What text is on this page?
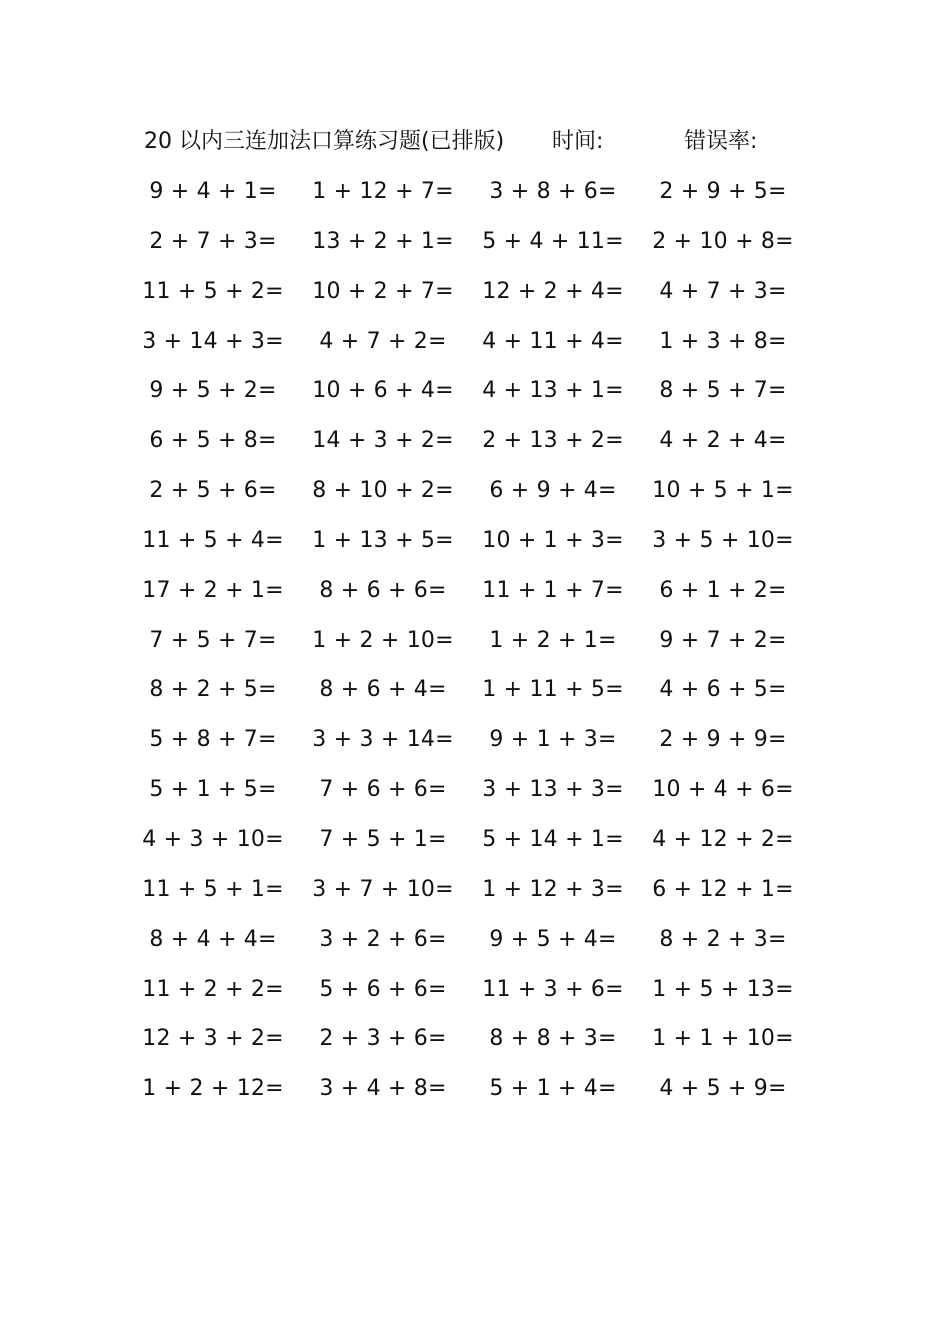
20 以内三连加法口算练习题(已排版) 时间:	错误率:
9 + 4 + 1=	1 + 12 + 7=	3 + 8 + 6=	2 + 9 + 5=
2 + 7 + 3=	13 + 2 + 1=	5 + 4 + 11=	2 + 10 + 8=
11 + 5 + 2=	10 + 2 + 7=	12 + 2 + 4=	4 + 7 + 3=
3 + 14 + 3=	4 + 7 + 2=	4 + 11 + 4=	1 + 3 + 8=
9 + 5 + 2=	10 + 6 + 4=	4 + 13 + 1=	8 + 5 + 7=
6 + 5 + 8=	14 + 3 + 2=	2 + 13 + 2=	4 + 2 + 4=
2 + 5 + 6=	8 + 10 + 2=	6 + 9 + 4=	10 + 5 + 1=
11 + 5 + 4=	1 + 13 + 5=	10 + 1 + 3=	3 + 5 + 10=
17 + 2 + 1=	8 + 6 + 6=	11 + 1 + 7=	6 + 1 + 2=
7 + 5 + 7=	1 + 2 + 10=	1 + 2 + 1=	9 + 7 + 2=
8 + 2 + 5=	8 + 6 + 4=	1 + 11 + 5=	4 + 6 + 5=
5 + 8 + 7=	3 + 3 + 14=	9 + 1 + 3=	2 + 9 + 9=
5 + 1 + 5=	7 + 6 + 6=	3 + 13 + 3=	10 + 4 + 6=
4 + 3 + 10=	7 + 5 + 1=	5 + 14 + 1=	4 + 12 + 2=
11 + 5 + 1=	3 + 7 + 10=	1 + 12 + 3=	6 + 12 + 1=
8 + 4 + 4=	3 + 2 + 6=	9 + 5 + 4=	8 + 2 + 3=
11 + 2 + 2=	5 + 6 + 6=	11 + 3 + 6=	1 + 5 + 13=
12 + 3 + 2=	2 + 3 + 6=	8 + 8 + 3=	1 + 1 + 10=
1 + 2 + 12=	3 + 4 + 8=	5 + 1 + 4=	4 + 5 + 9=
